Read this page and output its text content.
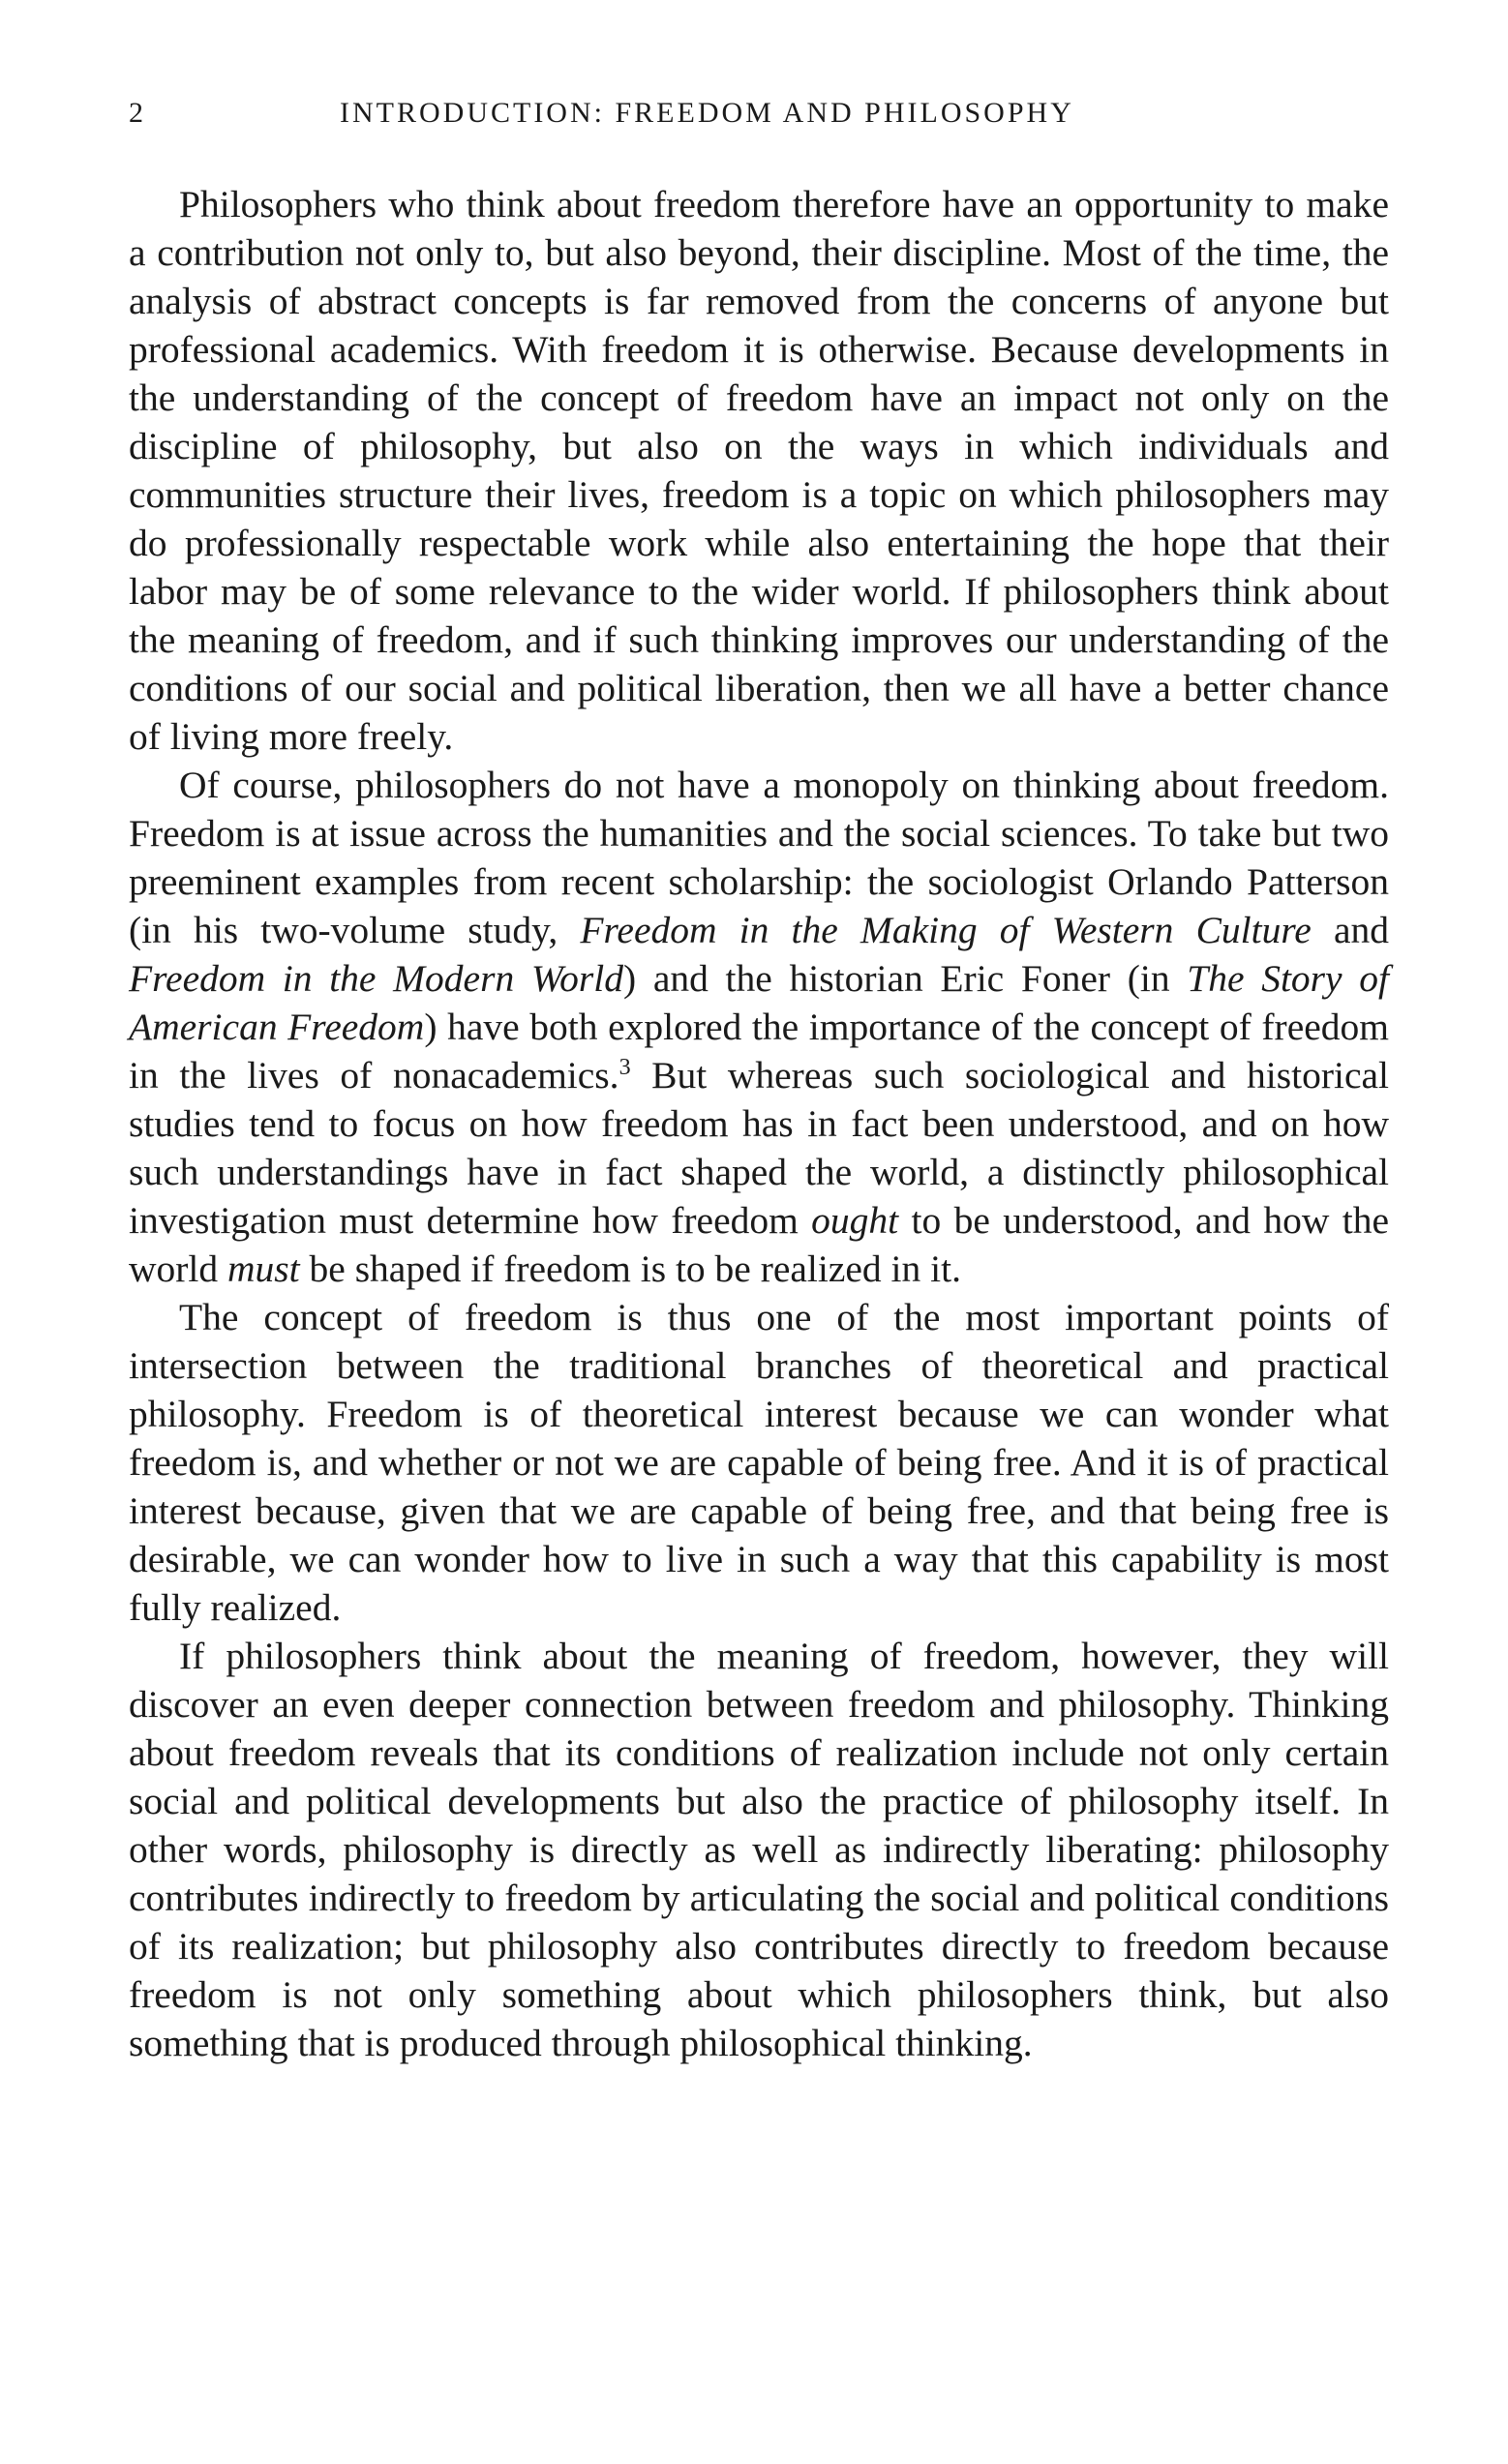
2	INTRODUCTION: FREEDOM AND PHILOSOPHY

Philosophers who think about freedom therefore have an opportunity to make a contribution not only to, but also beyond, their discipline. Most of the time, the analysis of abstract concepts is far removed from the concerns of anyone but professional academics. With freedom it is otherwise. Because developments in the understanding of the concept of freedom have an impact not only on the discipline of philosophy, but also on the ways in which individuals and communities structure their lives, freedom is a topic on which philosophers may do professionally respectable work while also entertaining the hope that their labor may be of some relevance to the wider world. If philosophers think about the meaning of freedom, and if such thinking improves our understanding of the conditions of our social and political liberation, then we all have a better chance of living more freely.

Of course, philosophers do not have a monopoly on thinking about freedom. Freedom is at issue across the humanities and the social sciences. To take but two preeminent examples from recent scholarship: the sociologist Orlando Patterson (in his two-volume study, Freedom in the Making of Western Culture and Freedom in the Modern World) and the historian Eric Foner (in The Story of American Freedom) have both explored the importance of the concept of freedom in the lives of nonacademics.$^3$ But whereas such sociological and historical studies tend to focus on how freedom has in fact been understood, and on how such understandings have in fact shaped the world, a distinctly philosophical investigation must determine how freedom ought to be understood, and how the world must be shaped if freedom is to be realized in it.

The concept of freedom is thus one of the most important points of intersection between the traditional branches of theoretical and practical philosophy. Freedom is of theoretical interest because we can wonder what freedom is, and whether or not we are capable of being free. And it is of practical interest because, given that we are capable of being free, and that being free is desirable, we can wonder how to live in such a way that this capability is most fully realized.

If philosophers think about the meaning of freedom, however, they will discover an even deeper connection between freedom and philosophy. Thinking about freedom reveals that its conditions of realization include not only certain social and political developments but also the practice of philosophy itself. In other words, philosophy is directly as well as indirectly liberating: philosophy contributes indirectly to freedom by articulating the social and political conditions of its realization; but philosophy also contributes directly to freedom because freedom is not only something about which philosophers think, but also something that is produced through philosophical thinking.
